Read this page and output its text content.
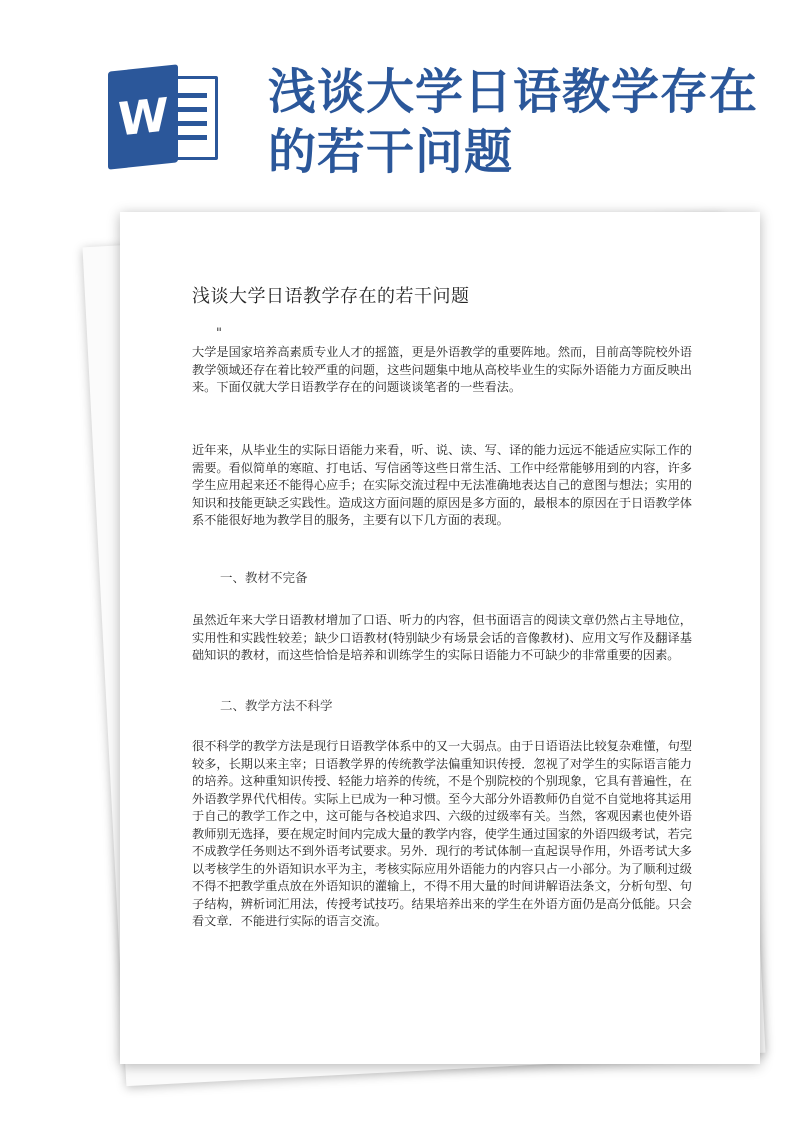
W 浅谈大学日语教学存在的若干问题
浅谈大学日语教学存在的若干问题
"

大学是国家培养高素质专业人才的摇篮，更是外语教学的重要阵地。然而，目前高等院校外语教学领域还存在着比较严重的问题，这些问题集中地从高校毕业生的实际外语能力方面反映出来。下面仅就大学日语教学存在的问题谈谈笔者的一些看法。

近年来，从毕业生的实际日语能力来看，听、说、读、写、译的能力远远不能适应实际工作的需要。看似简单的寒暄、打电话、写信函等这些日常生活、工作中经常能够用到的内容，许多学生应用起来还不能得心应手；在实际交流过程中无法准确地表达自己的意图与想法；实用的知识和技能更缺乏实践性。造成这方面问题的原因是多方面的，最根本的原因在于日语教学体系不能很好地为教学目的服务，主要有以下几方面的表现。

一、教材不完备

虽然近年来大学日语教材增加了口语、听力的内容，但书面语言的阅读文章仍然占主导地位，实用性和实践性较差；缺少口语教材(特别缺少有场景会话的音像教材)、应用文写作及翻译基础知识的教材，而这些恰恰是培养和训练学生的实际日语能力不可缺少的非常重要的因素。

二、教学方法不科学

很不科学的教学方法是现行日语教学体系中的又一大弱点。由于日语语法比较复杂难懂，句型较多，长期以来主宰；日语教学界的传统教学法偏重知识传授．忽视了对学生的实际语言能力的培养。这种重知识传授、轻能力培养的传统，不是个别院校的个别现象，它具有普遍性，在外语教学界代代相传。实际上已成为一种习惯。至今大部分外语教师仍自觉不自觉地将其运用于自己的教学工作之中，这可能与各校追求四、六级的过级率有关。当然，客观因素也使外语教师别无选择，要在规定时间内完成大量的教学内容，使学生通过国家的外语四级考试，若完不成教学任务则达不到外语考试要求。另外．现行的考试体制一直起误导作用，外语考试大多以考核学生的外语知识水平为主，考核实际应用外语能力的内容只占一小部分。为了顺利过级不得不把教学重点放在外语知识的灌输上，不得不用大量的时间讲解语法条文，分析句型、句子结构，辨析词汇用法，传授考试技巧。结果培养出来的学生在外语方面仍是高分低能。只会看文章．不能进行实际的语言交流。
